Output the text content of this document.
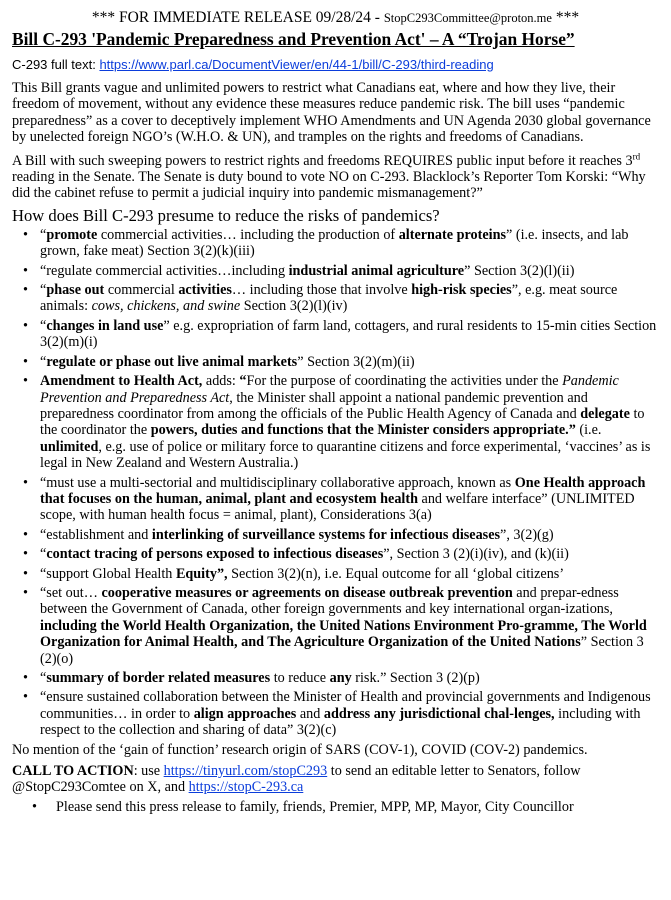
*** FOR IMMEDIATE RELEASE 09/28/24 - StopC293Committee@proton.me ***
Bill C-293 'Pandemic Preparedness and Prevention Act' – A “Trojan Horse”
C-293 full text: https://www.parl.ca/DocumentViewer/en/44-1/bill/C-293/third-reading

This Bill grants vague and unlimited powers to restrict what Canadians eat, where and how they live, their freedom of movement, without any evidence these measures reduce pandemic risk. The bill uses “pandemic preparedness” as a cover to deceptively implement WHO Amendments and UN Agenda 2030 global governance by unelected foreign NGO’s (W.H.O. & UN), and tramples on the rights and freedoms of Canadians.

A Bill with such sweeping powers to restrict rights and freedoms REQUIRES public input before it reaches 3rd reading in the Senate. The Senate is duty bound to vote NO on C-293. Blacklock’s Reporter Tom Korski: “Why did the cabinet refuse to permit a judicial inquiry into pandemic mismanagement?”

How does Bill C-293 presume to reduce the risks of pandemics?
• “promote commercial activities… including the production of alternate proteins” (i.e. insects, and lab grown, fake meat) Section 3(2)(k)(iii)
• “regulate commercial activities…including industrial animal agriculture” Section 3(2)(l)(ii)
• “phase out commercial activities… including those that involve high-risk species”, e.g. meat source animals: cows, chickens, and swine Section 3(2)(l)(iv)
• “changes in land use” e.g. expropriation of farm land, cottagers, and rural residents to 15-min cities Section 3(2)(m)(i)
• “regulate or phase out live animal markets” Section 3(2)(m)(ii)
• Amendment to Health Act, adds: “For the purpose of coordinating the activities under the Pandemic Prevention and Preparedness Act, the Minister shall appoint a national pandemic prevention and preparedness coordinator from among the officials of the Public Health Agency of Canada and delegate to the coordinator the powers, duties and functions that the Minister considers appropriate.” (i.e. unlimited, e.g. use of police or military force to quarantine citizens and force experimental, ‘vaccines’ as is legal in New Zealand and Western Australia.)
• “must use a multi-sectorial and multidisciplinary collaborative approach, known as One Health approach that focuses on the human, animal, plant and ecosystem health and welfare interface” (UNLIMITED scope, with human health focus = animal, plant), Considerations 3(a)
• “establishment and interlinking of surveillance systems for infectious diseases”, 3(2)(g)
• “contact tracing of persons exposed to infectious diseases”, Section 3 (2)(i)(iv), and (k)(ii)
• “support Global Health Equity”, Section 3(2)(n), i.e. Equal outcome for all ‘global citizens’
• “set out… cooperative measures or agreements on disease outbreak prevention and prepar-edness between the Government of Canada, other foreign governments and key international organ-izations, including the World Health Organization, the United Nations Environment Pro-gramme, The World Organization for Animal Health, and The Agriculture Organization of the United Nations” Section 3 (2)(o)
• “summary of border related measures to reduce any risk.” Section 3 (2)(p)
• “ensure sustained collaboration between the Minister of Health and provincial governments and Indigenous communities… in order to align approaches and address any jurisdictional chal-lenges, including with respect to the collection and sharing of data” 3(2)(c)

No mention of the ‘gain of function’ research origin of SARS (COV-1), COVID (COV-2) pandemics.

CALL TO ACTION: use https://tinyurl.com/stopC293 to send an editable letter to Senators, follow @StopC293Comtee on X, and https://stopC-293.ca

• Please send this press release to family, friends, Premier, MPP, MP, Mayor, City Councillor
